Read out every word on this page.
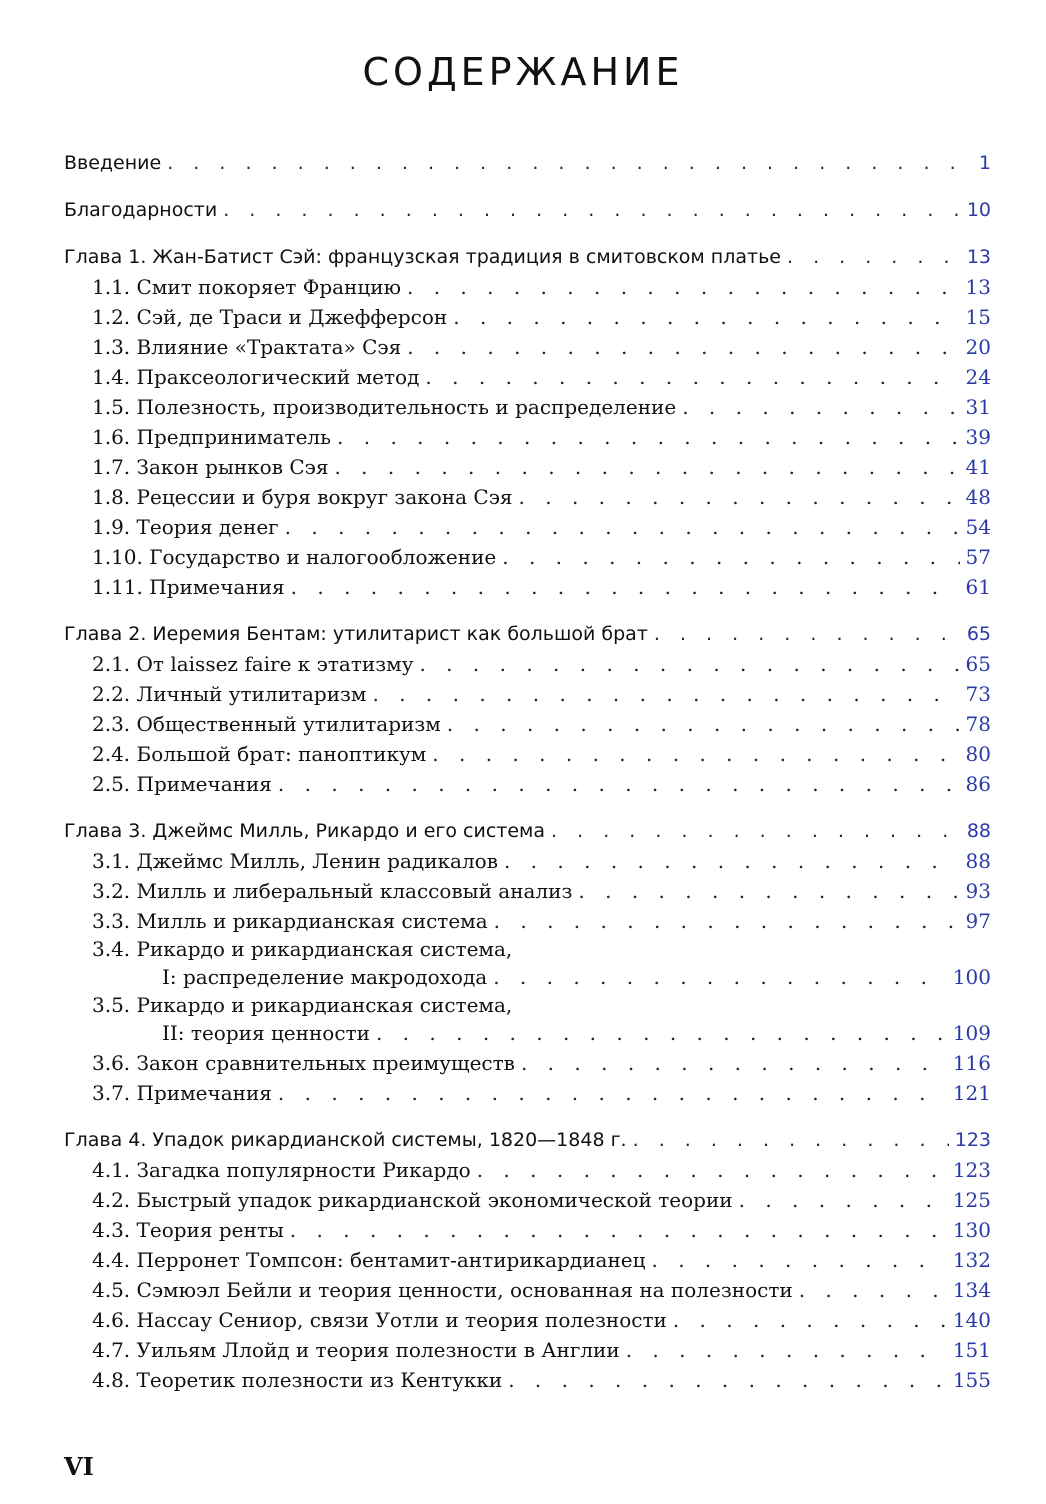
СОДЕРЖАНИЕ
Введение . . .	1
Благодарности . . .	10
Глава 1. Жан-Батист Сэй: французская традиция в смитовском платье . . .	13
1.1. Смит покоряет Францию . . .	13
1.2. Сэй, де Траси и Джефферсон . . .	15
1.3. Влияние «Трактата» Сэя . . .	20
1.4. Праксеологический метод . . .	24
1.5. Полезность, производительность и распределение . . .	31
1.6. Предприниматель . . .	39
1.7. Закон рынков Сэя . . .	41
1.8. Рецессии и буря вокруг закона Сэя . . .	48
1.9. Теория денег . . .	54
1.10. Государство и налогообложение . . .	57
1.11. Примечания . . .	61
Глава 2. Иеремия Бентам: утилитарист как большой брат . . .	65
2.1. От laissez faire к этатизму . . .	65
2.2. Личный утилитаризм . . .	73
2.3. Общественный утилитаризм . . .	78
2.4. Большой брат: паноптикум . . .	80
2.5. Примечания . . .	86
Глава 3. Джеймс Милль, Рикардо и его система . . .	88
3.1. Джеймс Милль, Ленин радикалов . . .	88
3.2. Милль и либеральный классовый анализ . . .	93
3.3. Милль и рикардианская система . . .	97
3.4. Рикардо и рикардианская система,
I: распределение макродохода . . .	100
3.5. Рикардо и рикардианская система,
II: теория ценности . . .	109
3.6. Закон сравнительных преимуществ . . .	116
3.7. Примечания . . .	121
Глава 4. Упадок рикардианской системы, 1820—1848 г. . . .	123
4.1. Загадка популярности Рикардо . . .	123
4.2. Быстрый упадок рикардианской экономической теории . . .	125
4.3. Теория ренты . . .	130
4.4. Перронет Томпсон: бентамит-антирикардианец . . .	132
4.5. Сэмюэл Бейли и теория ценности, основанная на полезности . . .	134
4.6. Нассау Сениор, связи Уотли и теория полезности . . .	140
4.7. Уильям Ллойд и теория полезности в Англии . . .	151
4.8. Теоретик полезности из Кентукки . . .	155
VI
